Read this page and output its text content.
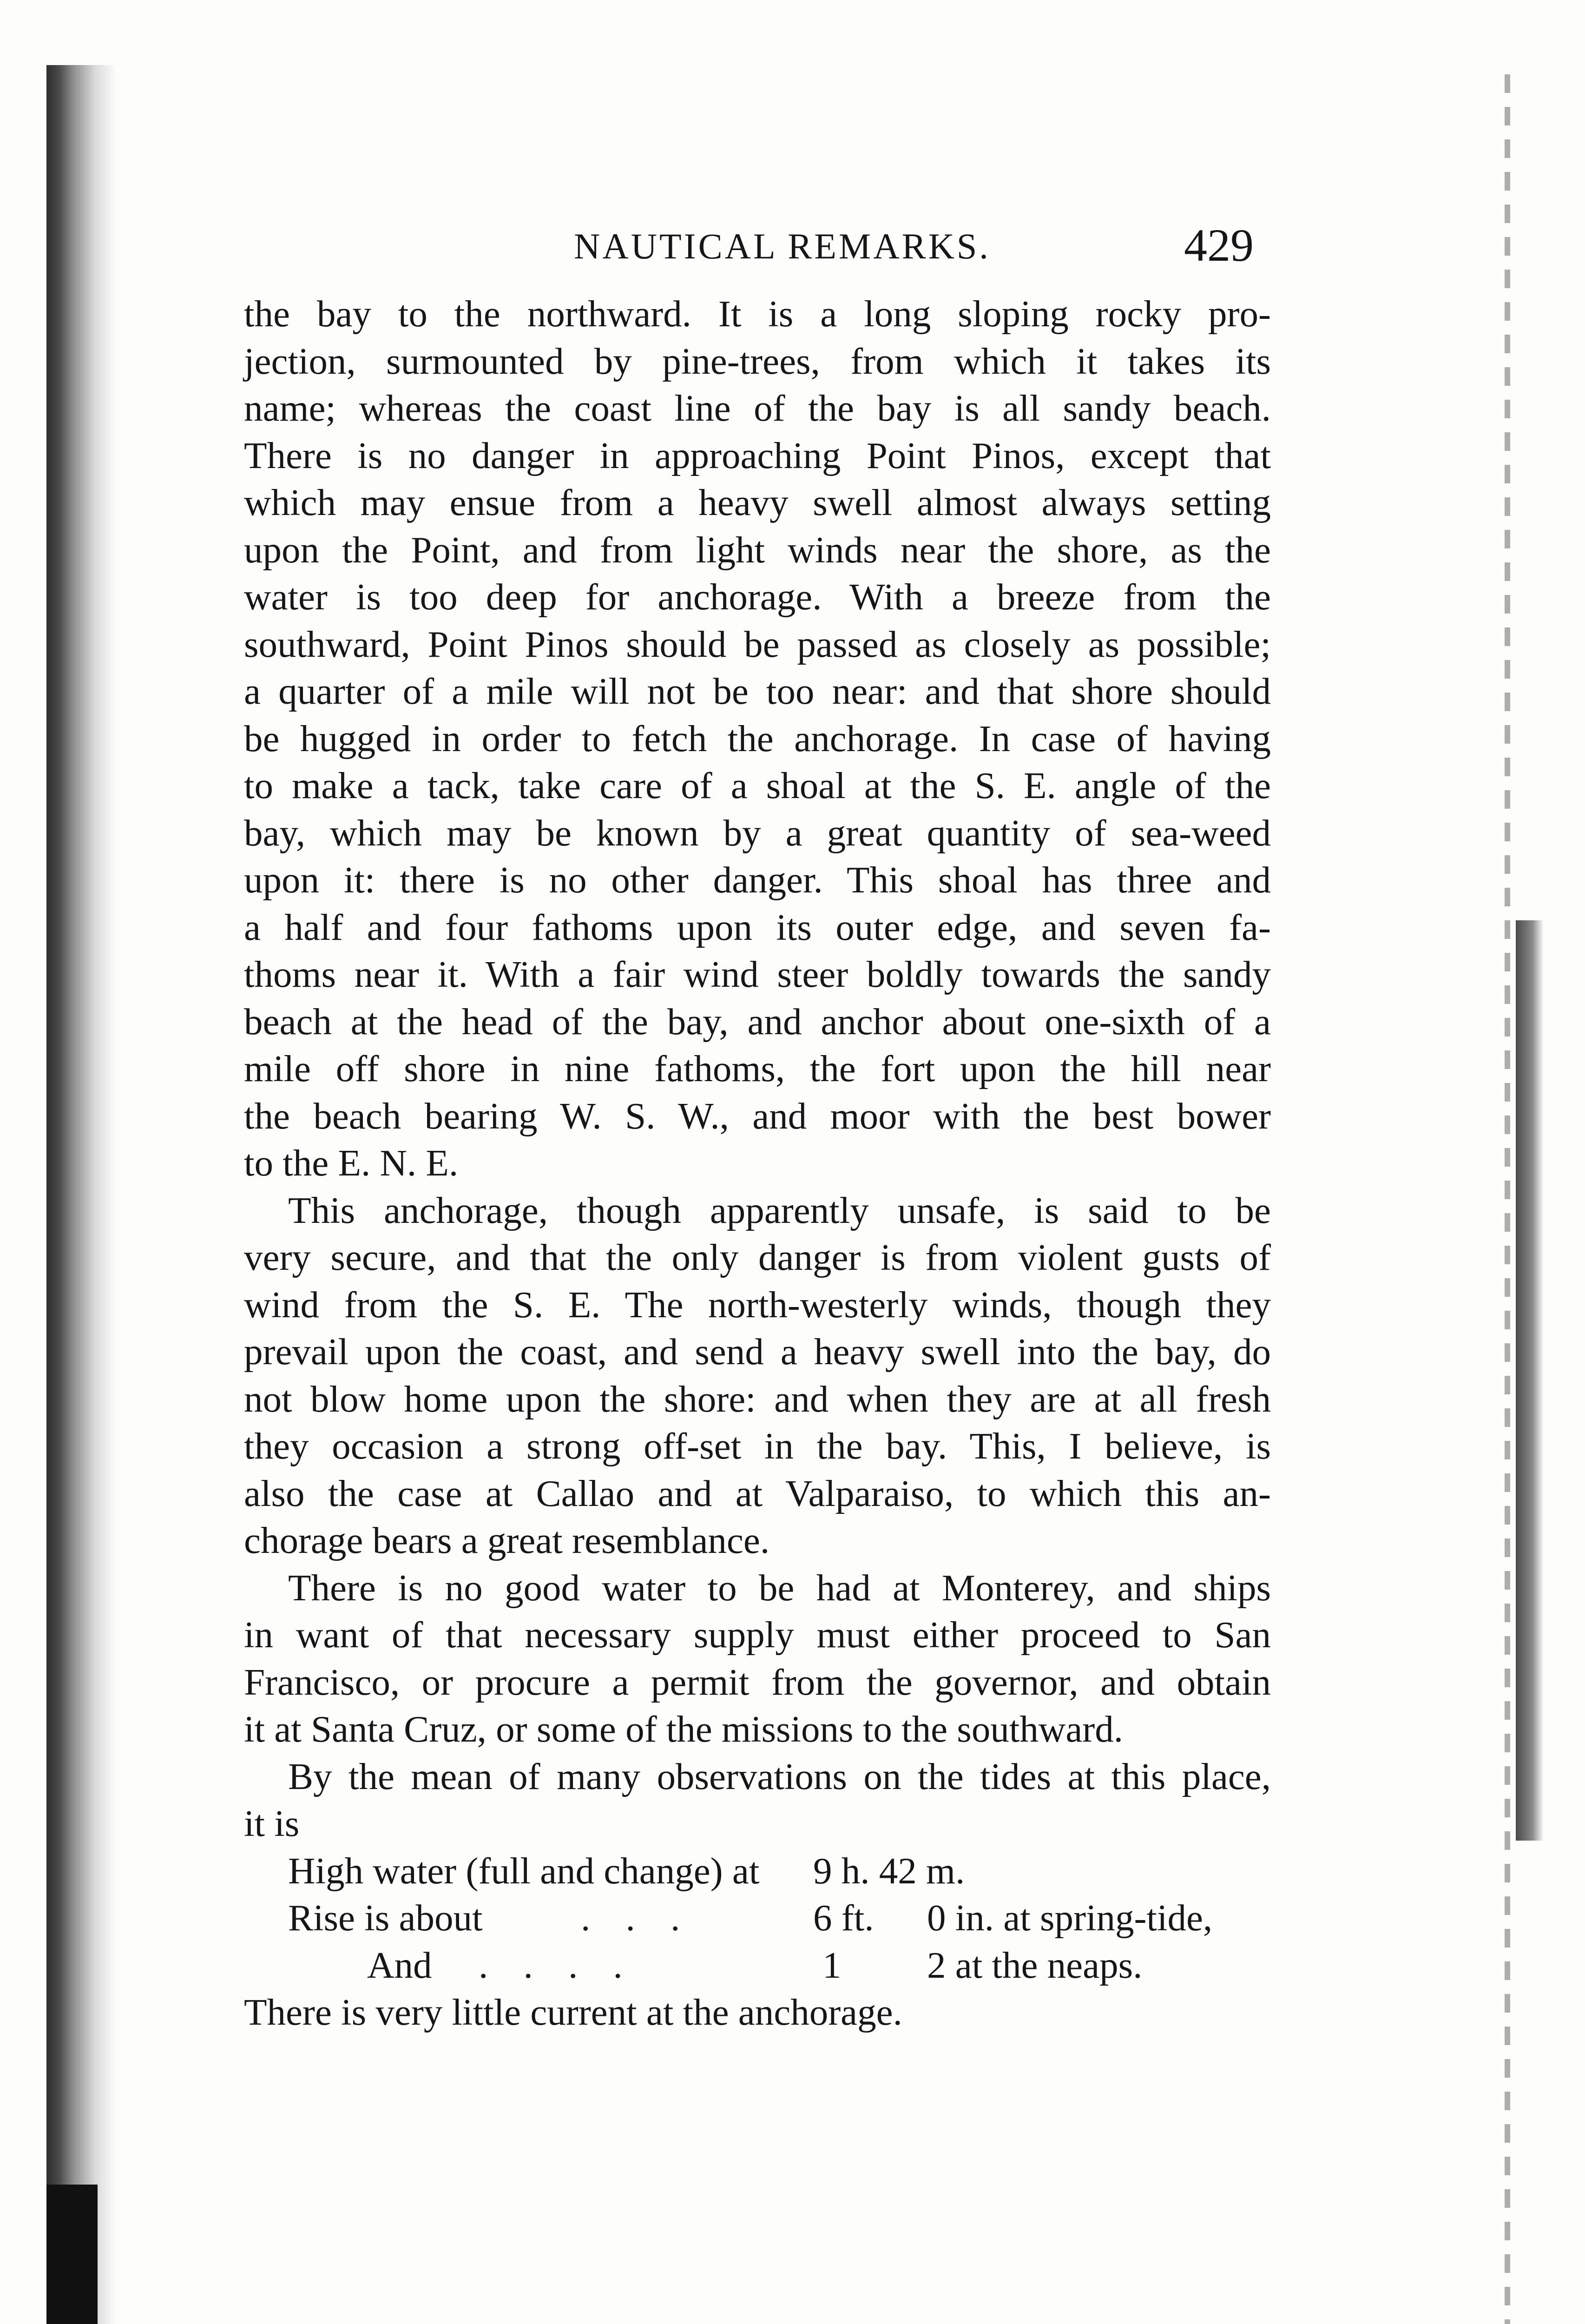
NAUTICAL REMARKS.	429
the bay to the northward. It is a long sloping rocky pro-
jection, surmounted by pine-trees, from which it takes its
name; whereas the coast line of the bay is all sandy beach.
There is no danger in approaching Point Pinos, except that
which may ensue from a heavy swell almost always setting
upon the Point, and from light winds near the shore, as the
water is too deep for anchorage. With a breeze from the
southward, Point Pinos should be passed as closely as possible;
a quarter of a mile will not be too near: and that shore should
be hugged in order to fetch the anchorage. In case of having
to make a tack, take care of a shoal at the S. E. angle of the
bay, which may be known by a great quantity of sea-weed
upon it: there is no other danger. This shoal has three and
a half and four fathoms upon its outer edge, and seven fa-
thoms near it. With a fair wind steer boldly towards the sandy
beach at the head of the bay, and anchor about one-sixth of a
mile off shore in nine fathoms, the fort upon the hill near
the beach bearing W. S. W., and moor with the best bower
to the E. N. E.
This anchorage, though apparently unsafe, is said to be
very secure, and that the only danger is from violent gusts of
wind from the S. E. The north-westerly winds, though they
prevail upon the coast, and send a heavy swell into the bay, do
not blow home upon the shore: and when they are at all fresh
they occasion a strong off-set in the bay. This, I believe, is
also the case at Callao and at Valparaiso, to which this an-
chorage bears a great resemblance.
There is no good water to be had at Monterey, and ships
in want of that necessary supply must either proceed to San
Francisco, or procure a permit from the governor, and obtain
it at Santa Cruz, or some of the missions to the southward.
By the mean of many observations on the tides at this place,
it is
High water (full and change) at 9 h. 42 m.
Rise is about	. . .	6 ft. 0 in. at spring-tide,
And . . . .	1 2 at the neaps.
There is very little current at the anchorage.
